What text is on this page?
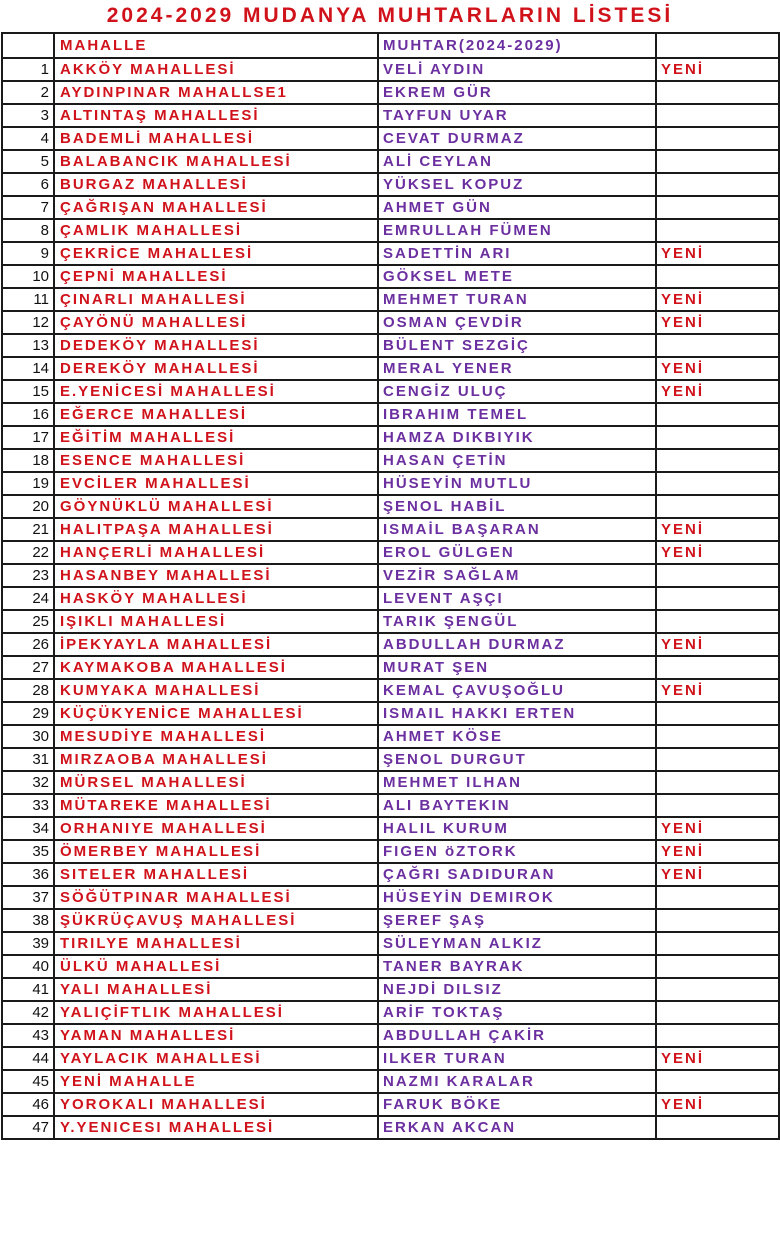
2024-2029 MUDANYA MUHTARLARIN LİSTESİ
	MAHALLE	MUHTAR(2024-2029)	
1	AKKÖY MAHALLESİ	VELİ AYDIN	YENİ
2	AYDINPINAR MAHALLSE1	EKREM GÜR	
3	ALTINTAŞ MAHALLESİ	TAYFUN UYAR	
4	BADEMLİ MAHALLESİ	CEVAT DURMAZ	
5	BALABANCIK MAHALLESİ	ALİ CEYLAN	
6	BURGAZ MAHALLESİ	YÜKSEL KOPUZ	
7	ÇAĞRIŞAN MAHALLESİ	AHMET GÜN	
8	ÇAMLIK MAHALLESİ	EMRULLAH FÜMEN	
9	ÇEKRİCE MAHALLESİ	SADETTİN ARI	YENİ
10	ÇEPNİ MAHALLESİ	GÖKSEL METE	
11	ÇINARLI MAHALLESİ	MEHMET TURAN	YENİ
12	ÇAYÖNÜ MAHALLESİ	OSMAN ÇEVDİR	YENİ
13	DEDEKÖY MAHALLESİ	BÜLENT SEZGİÇ	
14	DEREKÖY MAHALLESİ	MERAL YENER	YENİ
15	E.YENİCESİ MAHALLESİ	CENGİZ ULUÇ	YENİ
16	EĞERCE MAHALLESİ	IBRAHIM TEMEL	
17	EĞİTİM MAHALLESİ	HAMZA DIKBIYIK	
18	ESENCE MAHALLESİ	HASAN ÇETİN	
19	EVCİLER MAHALLESİ	HÜSEYİN MUTLU	
20	GÖYNÜKLÜ MAHALLESİ	ŞENOL HABİL	
21	HALITPAŞA MAHALLESİ	ISMAİL BAŞARAN	YENİ
22	HANÇERLİ MAHALLESİ	EROL GÜLGEN	YENİ
23	HASANBEY MAHALLESİ	VEZİR SAĞLAM	
24	HASKÖY MAHALLESİ	LEVENT AŞÇI	
25	IŞIKLI MAHALLESİ	TARIK ŞENGÜL	
26	İPEKYAYLA MAHALLESİ	ABDULLAH DURMAZ	YENİ
27	KAYMAKOBA MAHALLESİ	MURAT ŞEN	
28	KUMYAKA MAHALLESİ	KEMAL ÇAVUŞOĞLU	YENİ
29	KÜÇÜKYENİCE MAHALLESİ	ISMAIL HAKKI ERTEN	
30	MESUDİYE MAHALLESİ	AHMET KÖSE	
31	MIRZAOBA MAHALLESİ	ŞENOL DURGUT	
32	MÜRSEL MAHALLESİ	MEHMET ILHAN	
33	MÜTAREKE MAHALLESİ	ALI BAYTEKIN	
34	ORHANIYE MAHALLESİ	HALIL KURUM	YENİ
35	ÖMERBEY MAHALLESİ	FIGEN öZTORK	YENİ
36	SITELER MAHALLESİ	ÇAĞRI SADIDURAN	YENİ
37	SÖĞÜTPINAR MAHALLESİ	HÜSEYİN DEMIROK	
38	ŞÜKRÜÇAVUŞ MAHALLESİ	ŞEREF ŞAŞ	
39	TIRILYE MAHALLESİ	SÜLEYMAN ALKIZ	
40	ÜLKÜ MAHALLESİ	TANER BAYRAK	
41	YALI MAHALLESİ	NEJDİ DILSIZ	
42	YALIÇİFTLIK MAHALLESİ	ARİF TOKTAŞ	
43	YAMAN MAHALLESİ	ABDULLAH ÇAKİR	
44	YAYLACIK MAHALLESİ	ILKER TURAN	YENİ
45	YENİ MAHALLE	NAZMI KARALAR	
46	YOROKALI MAHALLESİ	FARUK BÖKE	YENİ
47	Y.YENICESI MAHALLESİ	ERKAN AKCAN	
